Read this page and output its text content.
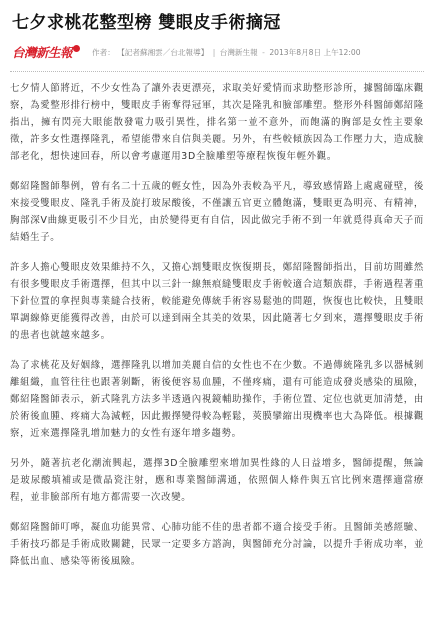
七夕求桃花整型榜 雙眼皮手術摘冠
台灣新生報	作者： 【記者蘇湘雲／台北報導】 | 台灣新生報 - 2013年8月8日 上午12:00

七夕情人節將近，不少女性為了讓外表更漂亮，求取美好愛情而求助整形診所，據醫師臨床觀察，為愛整形排行榜中，雙眼皮手術奪得冠軍，其次是隆乳和臉部雕塑。整形外科醫師鄭紹隆指出，擁有閃亮大眼能散發電力吸引異性，排名第一並不意外，而飽滿的胸部是女性主要象徵，許多女性選擇隆乳，希望能帶來自信與美麗。另外，有些較傾族因為工作壓力大，造成臉部老化，想快速回春，所以會考慮運用3D全臉雕塑等療程恢復年輕外觀。

鄭紹隆醫師舉例，曾有名二十五歲的輕女性，因為外表較為平凡，導致感情路上處處碰壁，後來接受雙眼皮、隆乳手術及旋打玻尿酸後，不僅讓五官更立體飽滿，雙眼更為明亮、有精神，胸部深V曲線更吸引不少目光，由於變得更有自信，因此做完手術不到一年就覓得真命天子而結婚生子。

許多人擔心雙眼皮效果維持不久，又擔心割雙眼皮恢復期長，鄭紹隆醫師指出，目前坊間雖然有很多雙眼皮手術選擇，但其中以三針一線無痕縫雙眼皮手術較適合這類族群，手術過程著重下針位置的拿捏與專業縫合技術，較能避免傳統手術容易鬆弛的問題，恢復也比較快，且雙眼單調線條更能獲得改善，由於可以達到兩全其美的效果，因此隨著七夕到來，選擇雙眼皮手術的患者也就越來越多。

為了求桃花及好姻緣，選擇隆乳以增加美麗自信的女性也不在少數。不過傳統隆乳多以器械剝離組織，血管往往也跟著剝斷，術後便容易血腫，不僅疼痛，還有可能造成發炎感染的風險，鄭紹隆醫師表示，新式隆乳方法多半透過內視鏡輔助操作，手術位置、定位也就更加清楚，由於術後血腫、疼痛大為減輕，因此搬擇變得較為輕鬆，莢膜攣縮出現機率也大為降低。根據觀察，近來選擇隆乳增加魅力的女性有逐年增多趨勢。

另外，隨著抗老化潮流興起，選擇3D全臉雕塑來增加異性緣的人日益增多，醫師提醒，無論是玻尿酸填補或是微晶瓷注射，應和專業醫師溝通，依照個人條件與五官比例來選擇適當療程，並非臉部所有地方都需要一次改變。

鄭紹隆醫師叮嚀，凝血功能異常、心肺功能不佳的患者都不適合接受手術。且醫師美感經驗、手術技巧都是手術成敗關鍵，民眾一定要多方諮詢，與醫師充分討論，以提升手術成功率，並降低出血、感染等術後風險。
